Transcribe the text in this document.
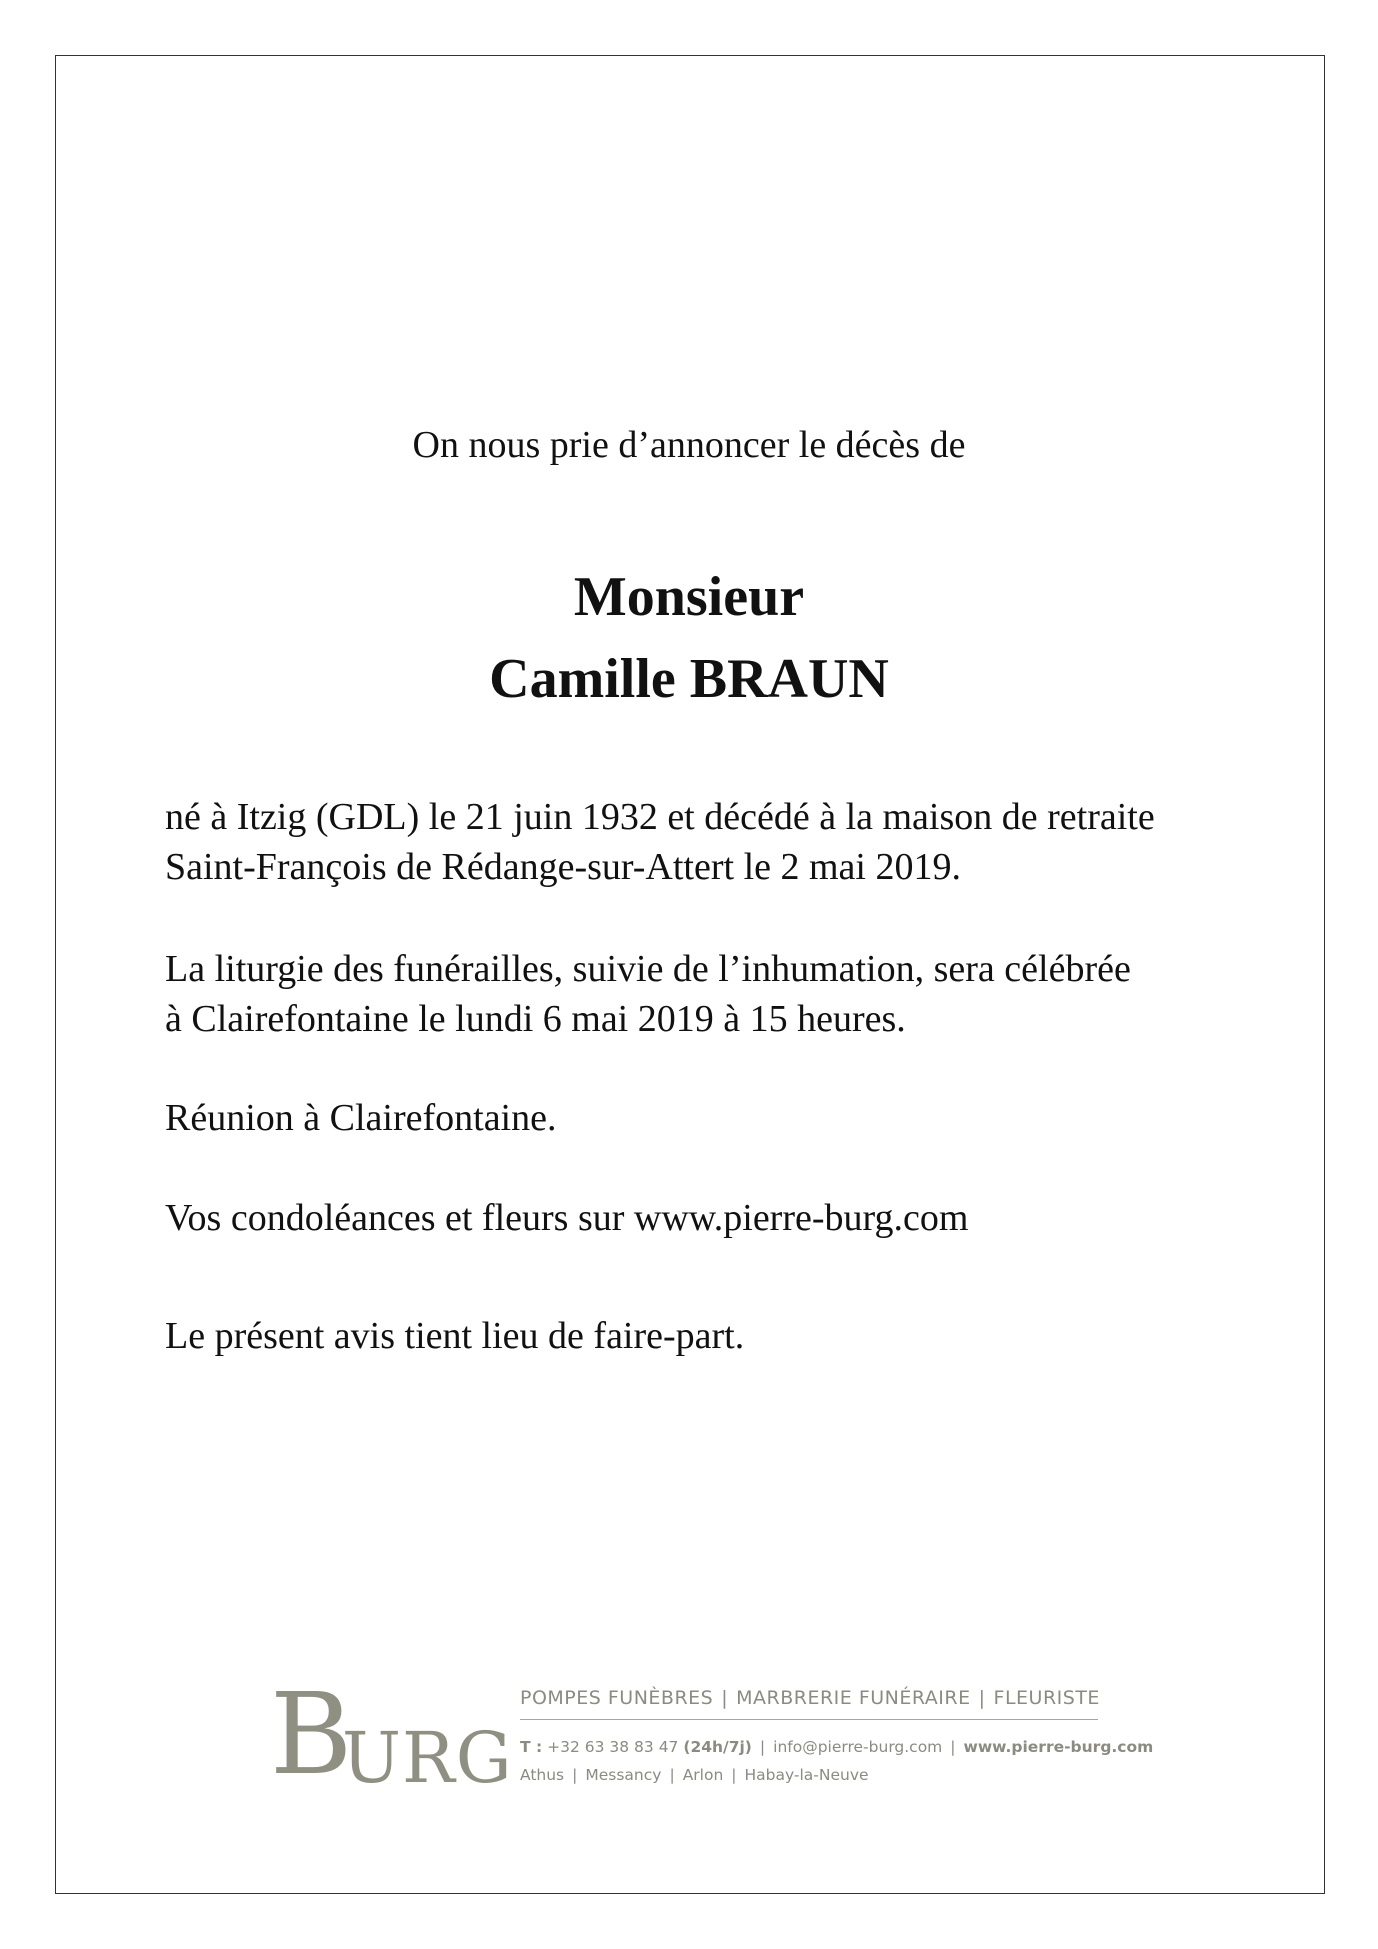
On nous prie d’annoncer le décès de
Monsieur
Camille BRAUN
né à Itzig (GDL) le 21 juin 1932 et décédé à la maison de retraite
Saint-François de Rédange-sur-Attert le 2 mai 2019.
La liturgie des funérailles, suivie de l’inhumation, sera célébrée
à Clairefontaine le lundi 6 mai 2019 à 15 heures.
Réunion à Clairefontaine.
Vos condoléances et fleurs sur www.pierre-burg.com
Le présent avis tient lieu de faire-part.
B
URG
POMPES FUNÈBRES | MARBRERIE FUNÉRAIRE | FLEURISTE
T : +32 63 38 83 47 (24h/7j) | info@pierre-burg.com | www.pierre-burg.com
Athus | Messancy | Arlon | Habay-la-Neuve
